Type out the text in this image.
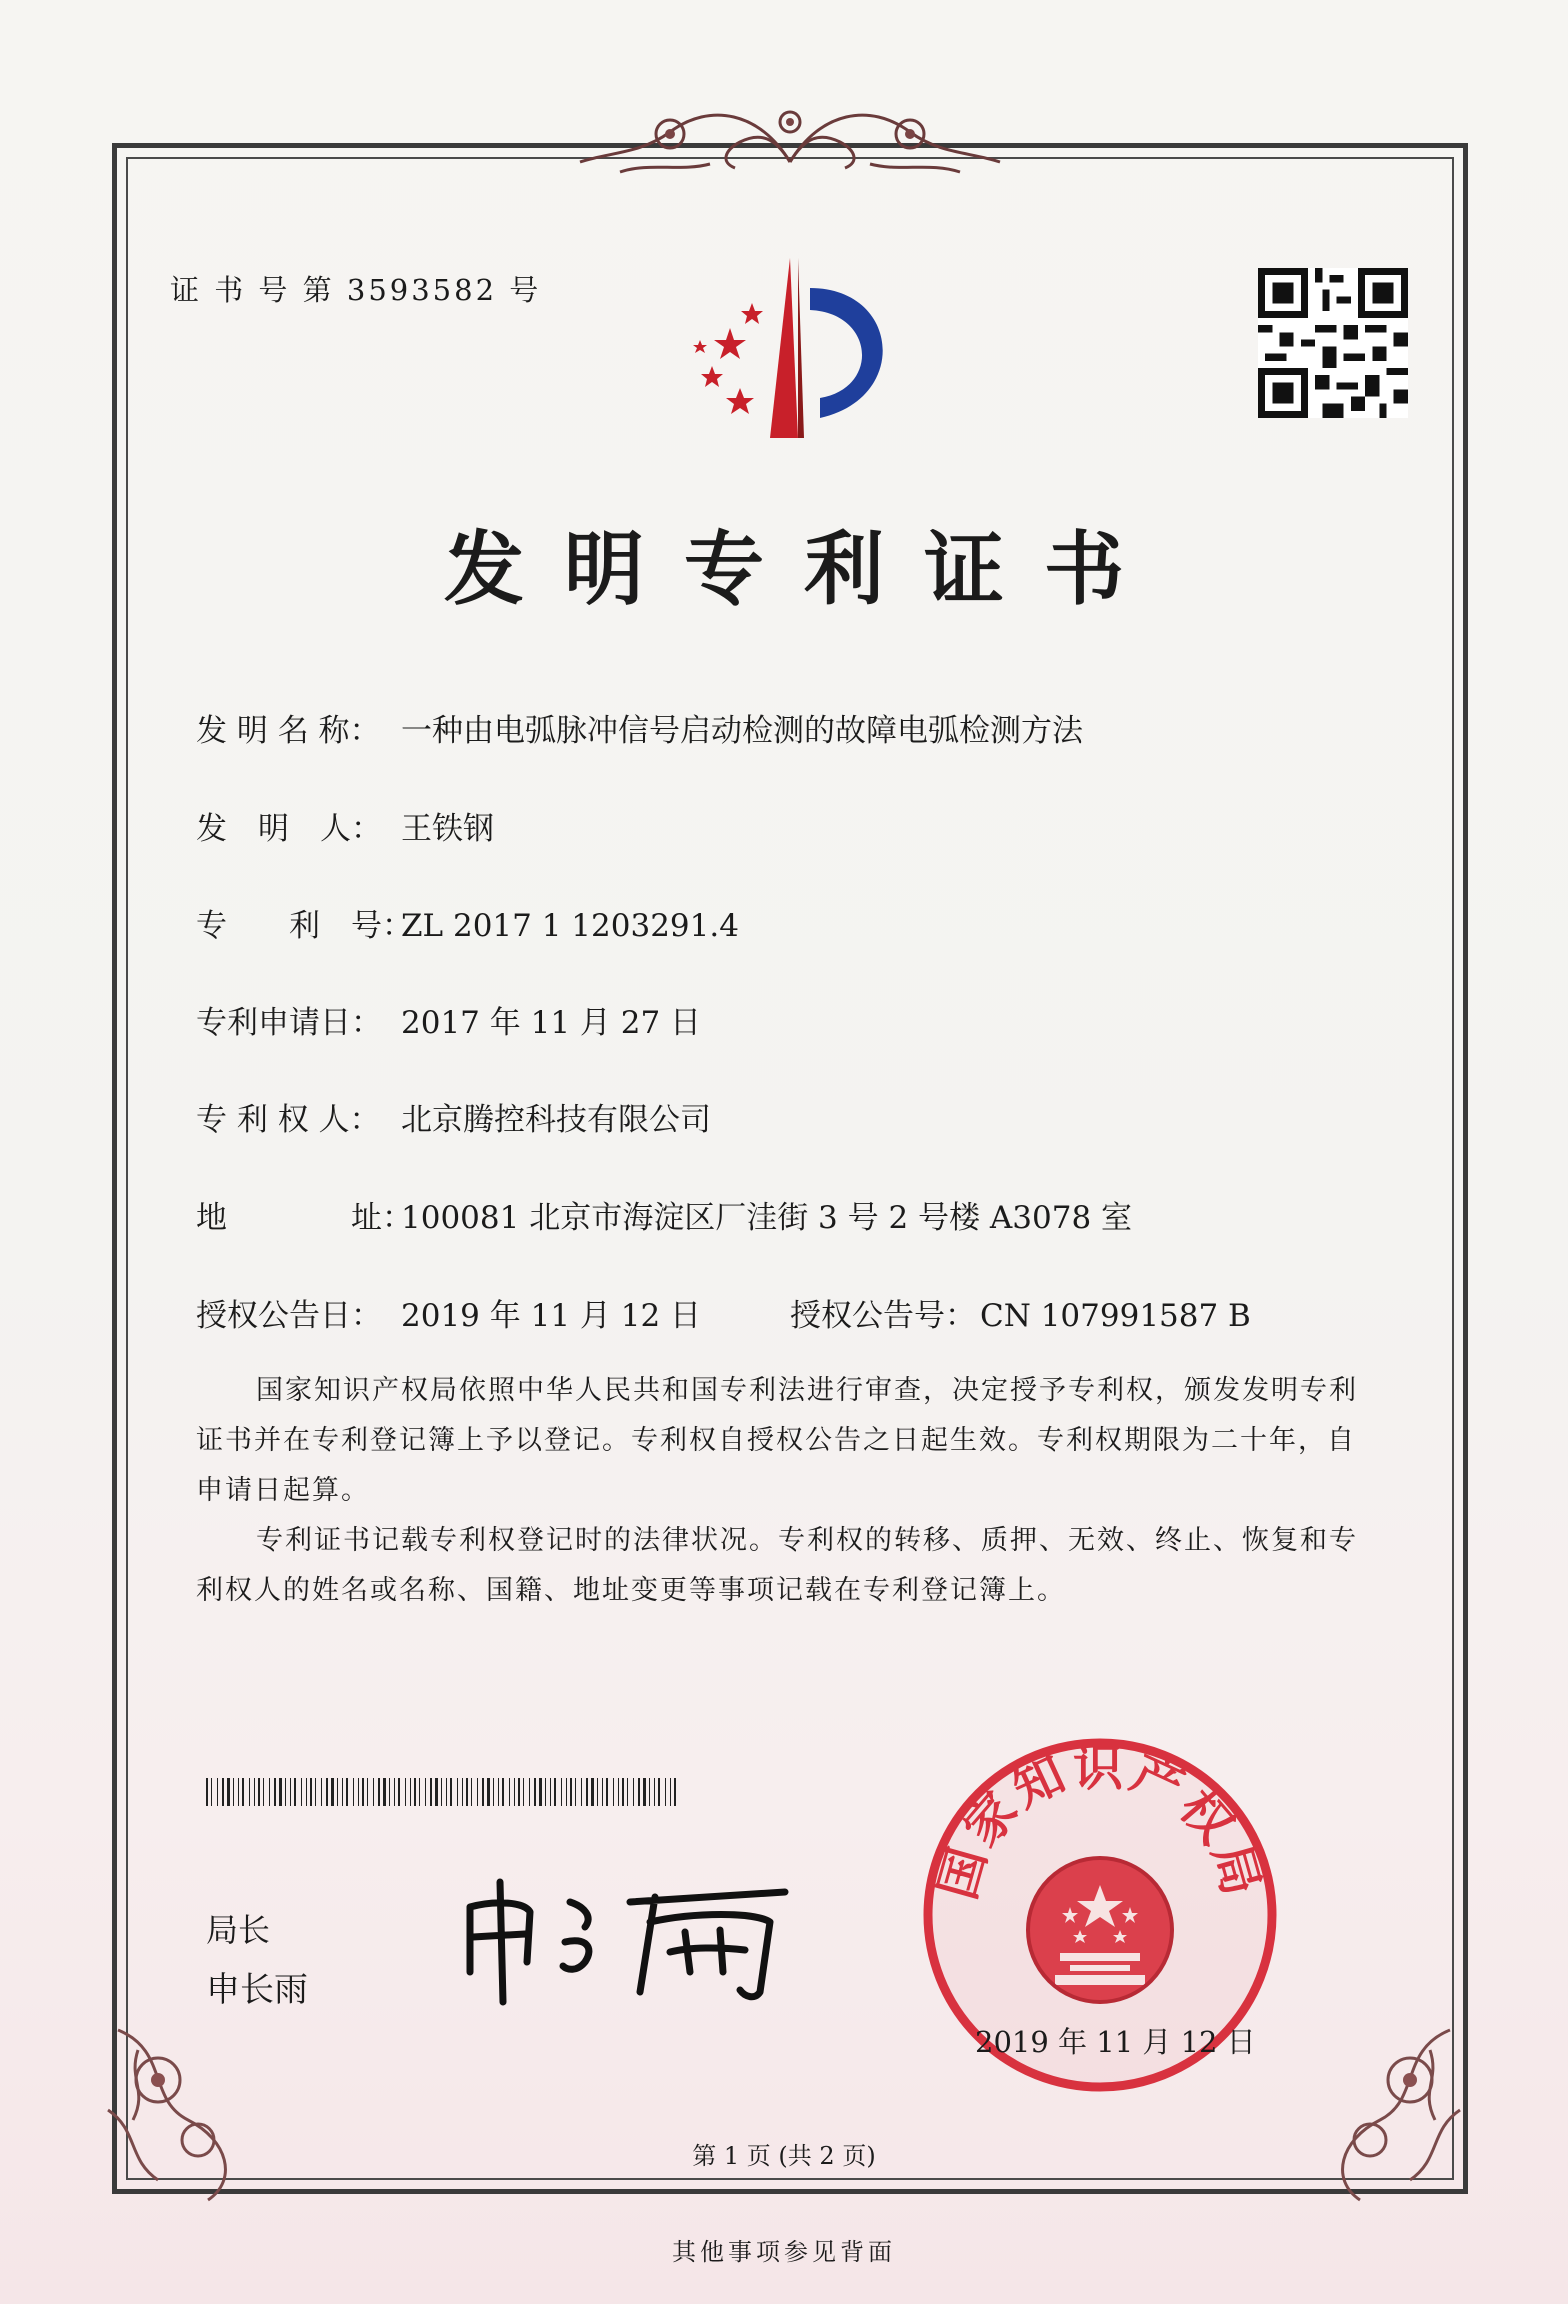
证 书 号 第 3593582 号
发明专利证书
发 明 名 称： 一种由电弧脉冲信号启动检测的故障电弧检测方法
发　明　人： 王铁钢
专　　利　号：ZL 2017 1 1203291.4
专利申请日： 2017 年 11 月 27 日
专 利 权 人： 北京腾控科技有限公司
地　　　　址：100081 北京市海淀区厂洼街 3 号 2 号楼 A3078 室
授权公告日： 2019 年 11 月 12 日	授权公告号： CN 107991587 B
国家知识产权局依照中华人民共和国专利法进行审查，决定授予专利权，颁发发明专利证书并在专利登记簿上予以登记。专利权自授权公告之日起生效。专利权期限为二十年，自申请日起算。
专利证书记载专利权登记时的法律状况。专利权的转移、质押、无效、终止、恢复和专利权人的姓名或名称、国籍、地址变更等事项记载在专利登记簿上。
局长
申长雨
国家知识产权局
2019 年 11 月 12 日
第 1 页 (共 2 页)
其他事项参见背面
